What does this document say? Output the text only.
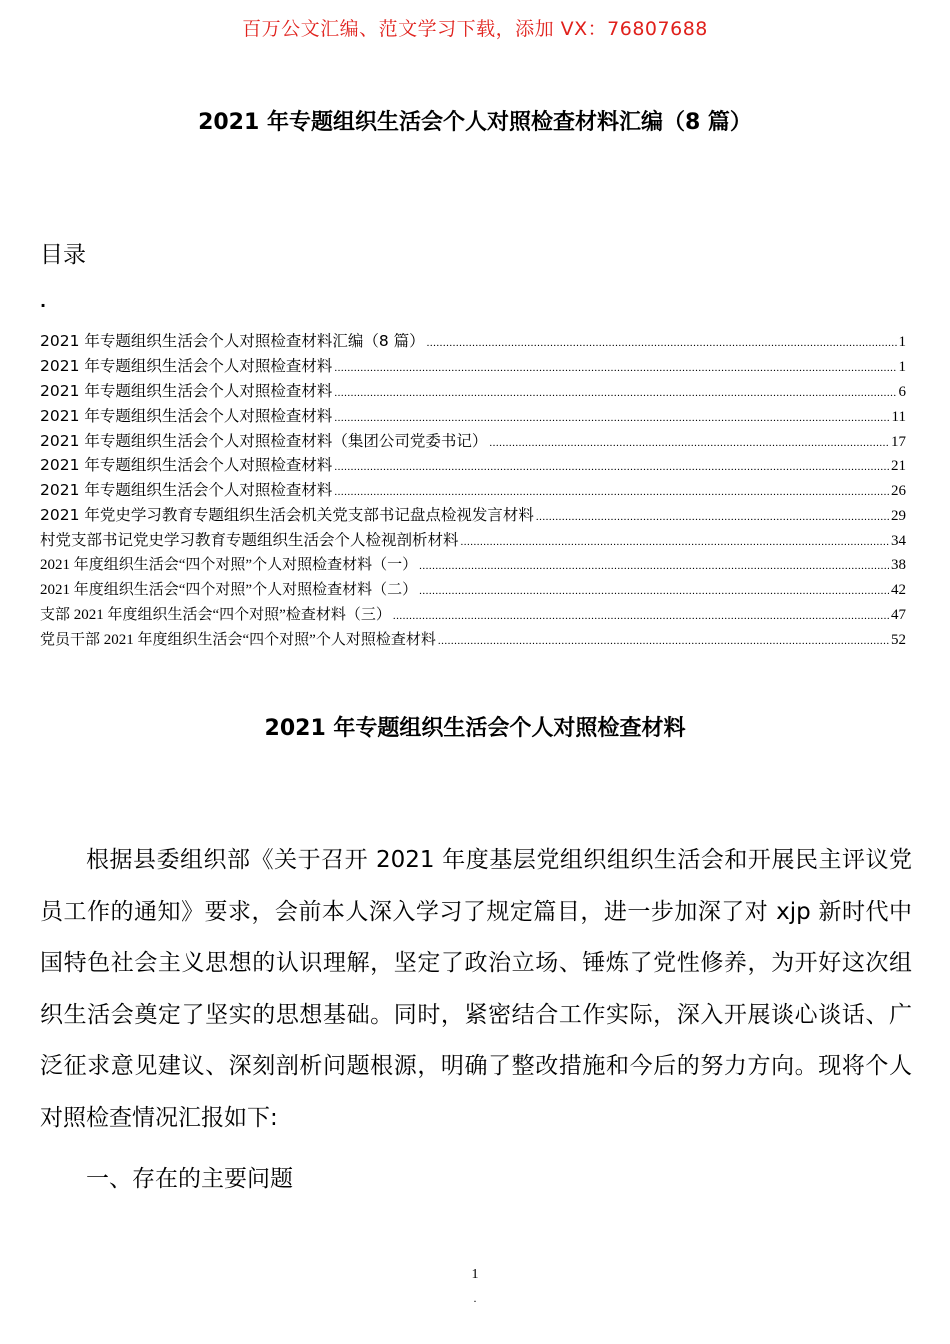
百万公文汇编、范文学习下载，添加 VX：76807688
2021 年专题组织生活会个人对照检查材料汇编（8 篇）
目录
.
2021 年专题组织生活会个人对照检查材料汇编（8 篇） .....	1
2021 年专题组织生活会个人对照检查材料 .....	1
2021 年专题组织生活会个人对照检查材料 .....	6
2021 年专题组织生活会个人对照检查材料 .....	11
2021 年专题组织生活会个人对照检查材料（集团公司党委书记） .....	17
2021 年专题组织生活会个人对照检查材料 .....	21
2021 年专题组织生活会个人对照检查材料 .....	26
2021 年党史学习教育专题组织生活会机关党支部书记盘点检视发言材料 .....	29
村党支部书记党史学习教育专题组织生活会个人检视剖析材料 .....	34
2021 年度组织生活会“四个对照”个人对照检查材料（一） .....	38
2021 年度组织生活会“四个对照”个人对照检查材料（二） .....	42
支部 2021 年度组织生活会“四个对照”检查材料（三） .....	47
党员干部 2021 年度组织生活会“四个对照”个人对照检查材料 .....	52
2021 年专题组织生活会个人对照检查材料
根据县委组织部《关于召开 2021 年度基层党组织组织生活会和开展民主评议党员工作的通知》要求，会前本人深入学习了规定篇目，进一步加深了对 xjp 新时代中国特色社会主义思想的认识理解，坚定了政治立场、锤炼了党性修养，为开好这次组织生活会奠定了坚实的思想基础。同时，紧密结合工作实际，深入开展谈心谈话、广泛征求意见建议、深刻剖析问题根源，明确了整改措施和今后的努力方向。现将个人对照检查情况汇报如下:
一、存在的主要问题
1
.
